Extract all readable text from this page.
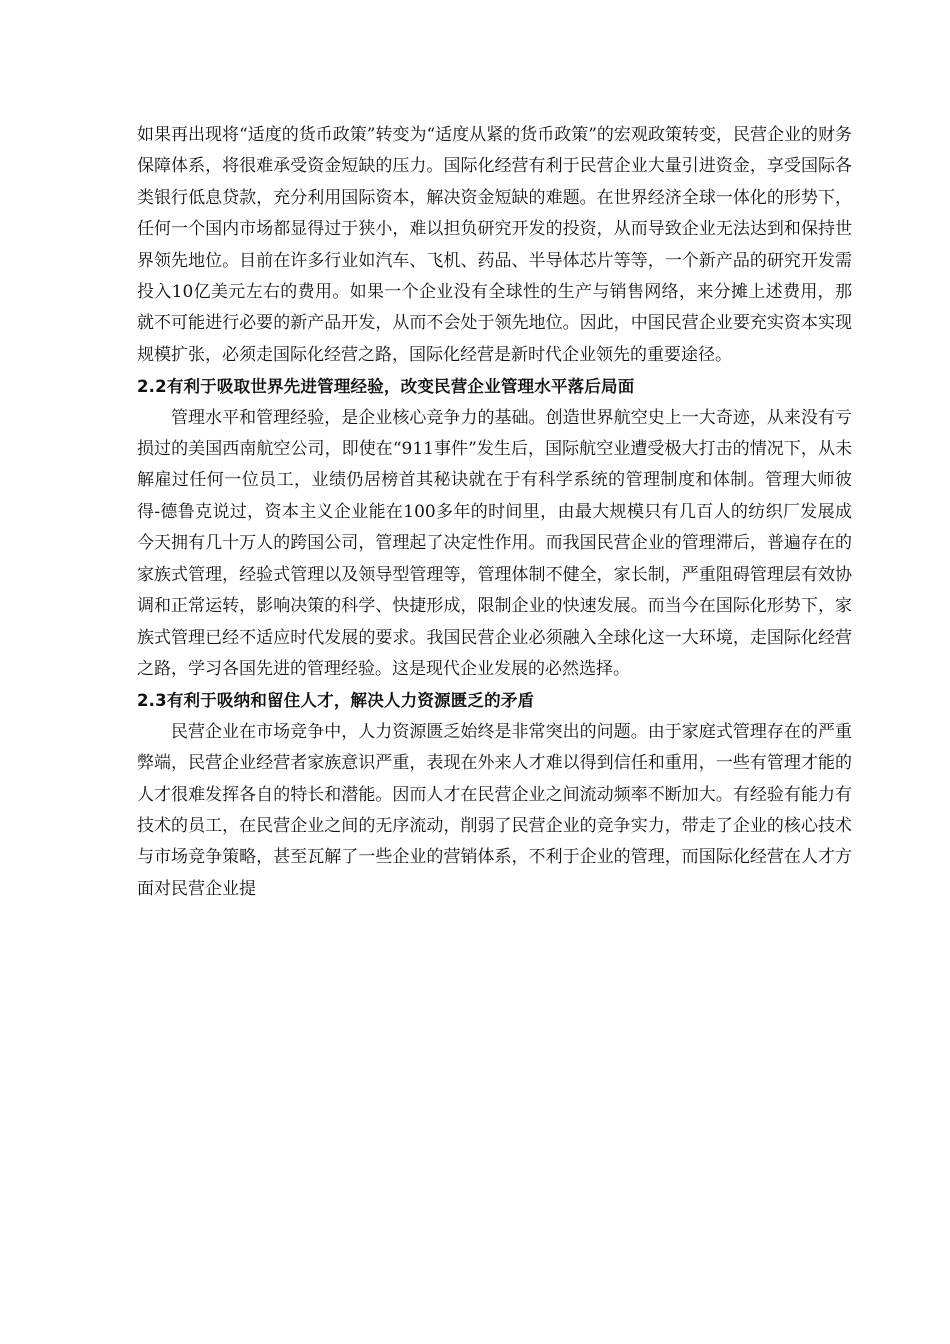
如果再出现将“适度的货币政策”转变为“适度从紧的货币政策”的宏观政策转变，民营企业的财务保障体系，将很难承受资金短缺的压力。国际化经营有利于民营企业大量引进资金，享受国际各类银行低息贷款，充分利用国际资本，解决资金短缺的难题。在世界经济全球一体化的形势下，任何一个国内市场都显得过于狭小，难以担负研究开发的投资，从而导致企业无法达到和保持世界领先地位。目前在许多行业如汽车、飞机、药品、半导体芯片等等，一个新产品的研究开发需投入10亿美元左右的费用。如果一个企业没有全球性的生产与销售网络，来分摊上述费用，那就不可能进行必要的新产品开发，从而不会处于领先地位。因此，中国民营企业要充实资本实现规模扩张，必须走国际化经营之路，国际化经营是新时代企业领先的重要途径。

2.2有利于吸取世界先进管理经验，改变民营企业管理水平落后局面

管理水平和管理经验，是企业核心竞争力的基础。创造世界航空史上一大奇迹，从来没有亏损过的美国西南航空公司，即使在“911事件”发生后，国际航空业遭受极大打击的情况下，从未解雇过任何一位员工，业绩仍居榜首其秘诀就在于有科学系统的管理制度和体制。管理大师彼得-德鲁克说过，资本主义企业能在100多年的时间里，由最大规模只有几百人的纺织厂发展成今天拥有几十万人的跨国公司，管理起了决定性作用。而我国民营企业的管理滞后，普遍存在的家族式管理，经验式管理以及领导型管理等，管理体制不健全，家长制，严重阻碍管理层有效协调和正常运转，影响决策的科学、快捷形成，限制企业的快速发展。而当今在国际化形势下，家族式管理已经不适应时代发展的要求。我国民营企业必须融入全球化这一大环境，走国际化经营之路，学习各国先进的管理经验。这是现代企业发展的必然选择。

2.3有利于吸纳和留住人才，解决人力资源匮乏的矛盾

民营企业在市场竞争中，人力资源匮乏始终是非常突出的问题。由于家庭式管理存在的严重弊端，民营企业经营者家族意识严重，表现在外来人才难以得到信任和重用，一些有管理才能的人才很难发挥各自的特长和潜能。因而人才在民营企业之间流动频率不断加大。有经验有能力有技术的员工，在民营企业之间的无序流动，削弱了民营企业的竞争实力，带走了企业的核心技术与市场竞争策略，甚至瓦解了一些企业的营销体系，不利于企业的管理，而国际化经营在人才方面对民营企业提
